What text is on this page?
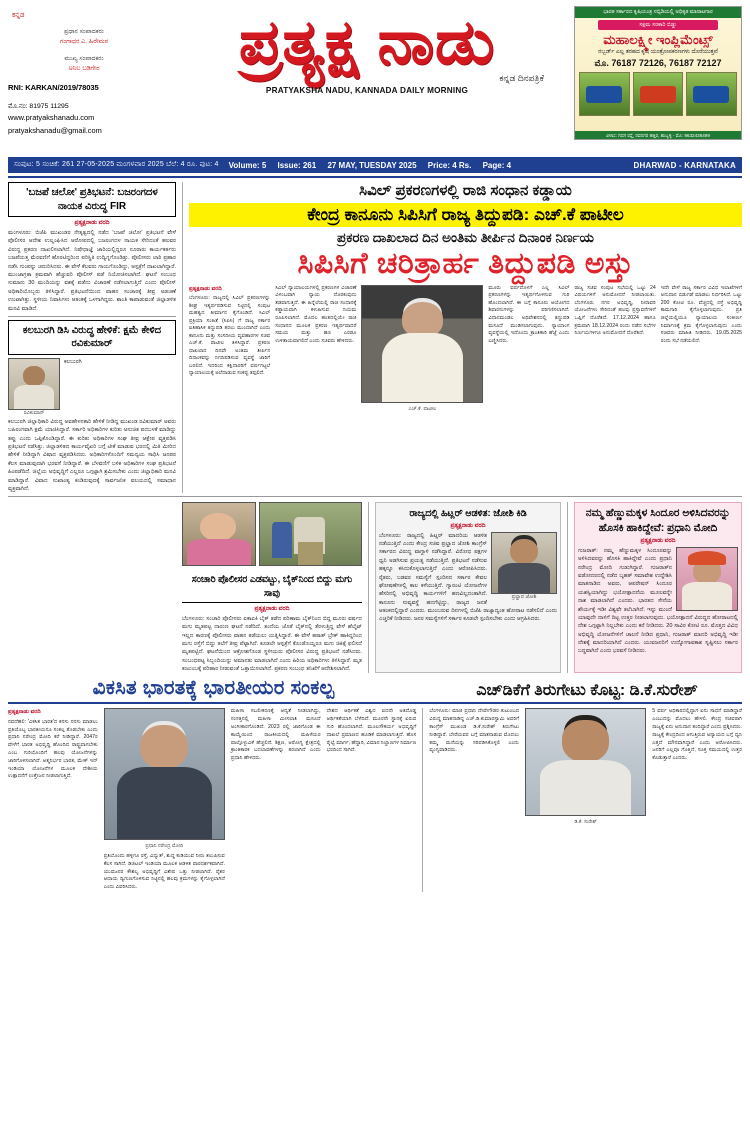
ಕನ್ನಡ
ಪ್ರಧಾನ ಸಂಪಾದಕರು
ಗಂಗಾಧರ ಎ. ಹಿರೇಮಠ
ಮುಖ್ಯ ಸಂಪಾದಕರು
ಅನಿಲ ಬಡಿಗೇರ
RNI: KARKAN/2019/78035
ಮೊ.ನಂ: 81975 11295
www.pratyakshanadu.com
pratyakshanadu@gmail.com
ಪ್ರತ್ಯಕ್ಷ ನಾಡು
ಕನ್ನಡ ದಿನಪತ್ರಿಕೆ
PRATYAKSHA NADU, KANNADA DAILY MORNING
ಭಾರತ ಸರ್ಕಾರದ ಕೃಷಿಯಂತ್ರ ಸಬ್ಸಿಡಿಯಲ್ಲಿ ಅಧಿಕೃತ ಮಾರಾಟಗಾರ
ಸಕ್ಷಮ ಸರಕಾರಿ ಬಿಡ್ಡು
ಮಹಾಲಕ್ಷ್ಮೀ ಇಂಪ್ಲಿಮೆಂಟ್ಸ್
ರಬ್ಬರ್ಡ್ ಎಲ್ಲ ತರಹದ ಕೃಷಿ ಯಂತ್ರೋಪಕರಣಗಳು ದೊರೆಯುತ್ತವೆ
ಮೊ. 76187 72126, 76187 72127
ವಿಳಾಸ: ಗದಗ ರಸ್ತೆ, ನವನಗರ ಹತ್ತಿರ, ಹುಬ್ಬಳ್ಳಿ - ಮೊ: 9632436499
ಸಂಪುಟ: 5 ಸಂಚಿಕೆ: 261 27-05-2025 ಮಂಗಳವಾರ 2025 ಬೆಲೆ: 4 ರೂ. ಪುಟ: 4 Volume: 5 Issue: 261 27 MAY, TUESDAY 2025 Price: 4 Rs. Page: 4	DHARWAD - KARNATAKA
'ಬಜಪೆ ಚಲೋ' ಪ್ರತಿಭಟನೆ: ಬಜರಂಗದಳ ನಾಯಕ ವಿರುದ್ಧ FIR
ಪ್ರತ್ಯಕ್ಷನಾಡು ವರದಿ
ಮಂಗಳೂರು: ಬಿಜೆಪಿ ಮುಖಂಡರ ನೇತೃತ್ವದಲ್ಲಿ ನಡೆದ 'ಬಜಪೆ ಚಲೋ' ಪ್ರತಿಭಟನೆ ವೇಳೆ ಪೊಲೀಸರ ಆದೇಶ ಉಲ್ಲಂಘಿಸಿದ ಆರೋಪದಲ್ಲಿ ಬಜರಂಗದಳ ನಾಯಕ ಸೇರಿದಂತೆ ಹಲವರ ವಿರುದ್ಧ ಪ್ರಕರಣ ದಾಖಲಿಸಲಾಗಿದೆ. ನಿಷೇಧಾಜ್ಞೆ ಜಾರಿಯಲ್ಲಿದ್ದರೂ ನೂರಾರು ಕಾರ್ಯಕರ್ತರು ಬಜಪೆಯತ್ತ ಮೆರವಣಿಗೆ ಹೊರಟಿದ್ದರಿಂದ ಪರಿಸ್ಥಿತಿ ಉದ್ವಿಗ್ನಗೊಂಡಿತ್ತು. ಪೊಲೀಸರು ಲಾಠಿ ಪ್ರಹಾರ ನಡೆಸಿ ಗುಂಪನ್ನು ಚದುರಿಸಿದರು. ಈ ವೇಳೆ ಕೆಲವರು ಗಾಯಗೊಂಡಿದ್ದು, ಆಸ್ಪತ್ರೆಗೆ ದಾಖಲಾಗಿದ್ದಾರೆ. ಮುಂಜಾಗ್ರತಾ ಕ್ರಮವಾಗಿ ಹೆಚ್ಚುವರಿ ಪೊಲೀಸ್ ಪಡೆ ನಿಯೋಜಿಸಲಾಗಿದೆ. ಘಟನೆ ಸಂಬಂಧ ಸುಮಾರು 30 ಮಂದಿಯನ್ನು ವಶಕ್ಕೆ ಪಡೆದು ವಿಚಾರಣೆ ನಡೆಸಲಾಗುತ್ತಿದೆ ಎಂದು ಪೊಲೀಸ್ ಅಧಿಕಾರಿಯೊಬ್ಬರು ತಿಳಿಸಿದ್ದಾರೆ. ಪ್ರತಿಭಟನೆಯಿಂದ ವಾಹನ ಸಂಚಾರಕ್ಕೆ ತೀವ್ರ ಅಡಚಣೆ ಉಂಟಾಗಿತ್ತು. ಸ್ಥಳೀಯ ನಿವಾಸಿಗಳು ಆತಂಕಕ್ಕೆ ಒಳಗಾಗಿದ್ದರು. ಶಾಂತಿ ಕಾಪಾಡುವಂತೆ ಜಿಲ್ಲಾಡಳಿತ ಮನವಿ ಮಾಡಿದೆ.
ಕಲಬುರಗಿ ಡಿಸಿ ವಿರುದ್ಧ ಹೇಳಿಕೆ: ಕ್ಷಮೆ ಕೇಳಿದ ರವಿಕುಮಾರ್
ರವಿಕುಮಾರ್
ಕಲಬುರಗಿ
ಕಲಬುರಗಿ ಜಿಲ್ಲಾಧಿಕಾರಿ ವಿರುದ್ಧ ಅವಹೇಳನಕಾರಿ ಹೇಳಿಕೆ ನೀಡಿದ್ದ ಮುಖಂಡ ರವಿಕುಮಾರ್ ಅವರು ಬಹಿರಂಗವಾಗಿ ಕ್ಷಮೆ ಯಾಚಿಸಿದ್ದಾರೆ. ಸರ್ಕಾರಿ ಅಧಿಕಾರಿಗಳ ಕುರಿತು ಅನುಚಿತ ಪದಬಳಕೆ ಮಾಡಿದ್ದು ತಪ್ಪು ಎಂದು ಒಪ್ಪಿಕೊಂಡಿದ್ದಾರೆ. ಈ ಕುರಿತು ಅಧಿಕಾರಿಗಳ ಸಂಘ ತೀವ್ರ ಆಕ್ಷೇಪ ವ್ಯಕ್ತಪಡಿಸಿ ಪ್ರತಿಭಟನೆ ನಡೆಸಿತ್ತು. ಜಿಲ್ಲಾಡಳಿತದ ಕಾರ್ಯವೈಖರಿ ಬಗ್ಗೆ ಟೀಕೆ ಮಾಡುವ ಭರದಲ್ಲಿ ಮಿತಿ ಮೀರಿದ ಹೇಳಿಕೆ ನೀಡಿದ್ದಾಗಿ ವಿಷಾದ ವ್ಯಕ್ತಪಡಿಸಿದರು. ಅಧಿಕಾರಿಗಳೊಂದಿಗೆ ಸಮನ್ವಯ ಸಾಧಿಸಿ ಜನಪರ ಕೆಲಸ ಮಾಡುವುದಾಗಿ ಭರವಸೆ ನೀಡಿದ್ದಾರೆ. ಈ ಬೆಳವಣಿಗೆ ಬಳಿಕ ಅಧಿಕಾರಿಗಳ ಸಂಘ ಪ್ರತಿಭಟನೆ ಹಿಂಪಡೆದಿದೆ. ಜಿಲ್ಲೆಯ ಅಭಿವೃದ್ಧಿಗೆ ಎಲ್ಲರೂ ಒಗ್ಗಟ್ಟಾಗಿ ಶ್ರಮಿಸಬೇಕು ಎಂದು ಜಿಲ್ಲಾಧಿಕಾರಿ ಮನವಿ ಮಾಡಿದ್ದಾರೆ. ವಿವಾದ ಸುಖಾಂತ್ಯ ಕಂಡಿರುವುದಕ್ಕೆ ಸಾರ್ವಜನಿಕ ವಲಯದಲ್ಲಿ ಸಮಾಧಾನ ವ್ಯಕ್ತವಾಗಿದೆ.
ಸಿವಿಲ್ ಪ್ರಕರಣಗಳಲ್ಲಿ ರಾಜಿ ಸಂಧಾನ ಕಡ್ಡಾಯ
ಕೇಂದ್ರ ಕಾನೂನು ಸಿಪಿಸಿಗೆ ರಾಜ್ಯ ತಿದ್ದುಪಡಿ: ಎಚ್.ಕೆ ಪಾಟೀಲ
ಪ್ರಕರಣ ದಾಖಲಾದ ದಿನ ಅಂತಿಮ ತೀರ್ಪಿನ ದಿನಾಂಕ ನಿರ್ಣಯ
ಸಿಪಿಸಿಗೆ ಚರಿತ್ರಾರ್ಹ ತಿದ್ದುಪಡಿ ಅಸ್ತು
ಪ್ರತ್ಯಕ್ಷನಾಡು ವರದಿ
ಬೆಂಗಳೂರು: ರಾಜ್ಯದಲ್ಲಿ ಸಿವಿಲ್ ಪ್ರಕರಣಗಳನ್ನು ಶೀಘ್ರ ಇತ್ಯರ್ಥಪಡಿಸುವ ನಿಟ್ಟಿನಲ್ಲಿ ಸಂಪುಟ ಮಹತ್ವದ ತೀರ್ಮಾನ ಕೈಗೊಂಡಿದೆ. ಸಿವಿಲ್ ಪ್ರಕ್ರಿಯಾ ಸಂಹಿತೆ (ಸಿಪಿಸಿ) ಗೆ ರಾಜ್ಯ ಸರ್ಕಾರ ಐತಿಹಾಸಿಕ ತಿದ್ದುಪಡಿ ತರಲು ಮುಂದಾಗಿದೆ ಎಂದು ಕಾನೂನು ಮತ್ತು ಸಂಸದೀಯ ವ್ಯವಹಾರಗಳ ಸಚಿವ ಎಚ್.ಕೆ. ಪಾಟೀಲ ತಿಳಿಸಿದ್ದಾರೆ. ಪ್ರಕರಣ ದಾಖಲಾದ ದಿನವೇ ಅಂತಿಮ ತೀರ್ಪಿನ ದಿನಾಂಕವನ್ನು ನಿಗದಿಪಡಿಸುವ ವ್ಯವಸ್ಥೆ ಜಾರಿಗೆ ಬರಲಿದೆ. ಇದರಿಂದ ಕಕ್ಷಿದಾರರಿಗೆ ವರ್ಷಗಟ್ಟಲೆ ನ್ಯಾಯಾಲಯಕ್ಕೆ ಅಲೆದಾಡುವ ಸಂಕಷ್ಟ ತಪ್ಪಲಿದೆ.
ಸಿವಿಲ್ ನ್ಯಾಯಾಲಯಗಳಲ್ಲಿ ಪ್ರಕರಣಗಳ ವಿಚಾರಣೆ ವಿಳಂಬವಾಗಿ ನ್ಯಾಯ ದೊರಕುವುದು ತಡವಾಗುತ್ತಿದೆ. ಈ ಹಿನ್ನೆಲೆಯಲ್ಲಿ ರಾಜಿ ಸಂಧಾನಕ್ಕೆ ಕಡ್ಡಾಯವಾಗಿ ಕಳುಹಿಸುವ ನಿಯಮ ರೂಪಿಸಲಾಗಿದೆ. ಮೊದಲ ಹಂತದಲ್ಲಿಯೇ ರಾಜಿ ಸಂಧಾನದ ಮೂಲಕ ಪ್ರಕರಣ ಇತ್ಯರ್ಥವಾದರೆ ಸಮಯ ಮತ್ತು ಹಣ ಎರಡೂ ಉಳಿತಾಯವಾಗಲಿದೆ ಎಂದು ಸಚಿವರು ಹೇಳಿದರು.
ಎಚ್.ಕೆ. ಪಾಟೀಲ
ಮೂರು ವರ್ಷದೊಳಗೆ ಎಲ್ಲ ಸಿವಿಲ್ ಪ್ರಕರಣಗಳನ್ನು ಇತ್ಯರ್ಥಗೊಳಿಸುವ ಗುರಿ ಹೊಂದಲಾಗಿದೆ. ಈ ಬಗ್ಗೆ ಕಾನೂನು ಆಯೋಗದ ಶಿಫಾರಸುಗಳನ್ನು ಪರಿಗಣಿಸಲಾಗಿದೆ. ವಿಧಾನಮಂಡಲ ಅಧಿವೇಶನದಲ್ಲಿ ತಿದ್ದುಪಡಿ ಮಸೂದೆ ಮಂಡಿಸಲಾಗುವುದು. ನ್ಯಾಯಾಂಗ ವ್ಯವಸ್ಥೆಯಲ್ಲಿ ಇದೊಂದು ಕ್ರಾಂತಿಕಾರಿ ಹೆಜ್ಜೆ ಎಂದು ಬಣ್ಣಿಸಿದರು.
ರಾಜ್ಯ ಸಚಿವ ಸಂಪುಟ ಸಭೆಯಲ್ಲಿ ಒಟ್ಟು 24 ವಿಷಯಗಳಿಗೆ ಅನುಮೋದನೆ ನೀಡಲಾಯಿತು. ಬೆಂಗಳೂರು ನಗರ ಅಭಿವೃದ್ಧಿ, ನೀರಾವರಿ ಯೋಜನೆಗಳು ಸೇರಿದಂತೆ ಹಲವು ಪ್ರಸ್ತಾವನೆಗಳಿಗೆ ಒಪ್ಪಿಗೆ ದೊರೆತಿದೆ. 17.12.2024 ಹಾಗೂ ಕ್ರಮವಾಗಿ 18.12.2024 ರಂದು ನಡೆದ ಸಭೆಗಳ ನಿರ್ಣಯಗಳಿಗೂ ಅನುಮೋದನೆ ದೊರೆತಿದೆ.
ಇದೇ ವೇಳೆ ರಾಜ್ಯ ಸರ್ಕಾರ ವಿವಿಧ ಇಲಾಖೆಗಳಿಗೆ ಅನುದಾನ ಬಿಡುಗಡೆ ಮಾಡಲು ನಿರ್ಧರಿಸಿದೆ. ಒಟ್ಟು 200 ಕೋಟಿ ರೂ. ವೆಚ್ಚದಲ್ಲಿ ರಸ್ತೆ ಅಭಿವೃದ್ಧಿ ಕಾಮಗಾರಿ ಕೈಗೊಳ್ಳಲಾಗುವುದು. ಪ್ರತಿ ಜಿಲ್ಲೆಯಲ್ಲಿಯೂ ನ್ಯಾಯಾಲಯ ಸಂಕೀರ್ಣ ನಿರ್ಮಾಣಕ್ಕೆ ಕ್ರಮ ಕೈಗೊಳ್ಳಲಾಗುವುದು ಎಂದು ಸಚಿವರು ಮಾಹಿತಿ ನೀಡಿದರು. 19.05.2025 ರಂದು ಸಭೆ ನಡೆಯಲಿದೆ.
ಸಂಚಾರಿ ಪೊಲೀಸರ ಎಡವಟ್ಟು, ಬೈಕ್‌ನಿಂದ ಬಿದ್ದು ಮಗು ಸಾವು
ಪ್ರತ್ಯಕ್ಷನಾಡು ವರದಿ
ಬೆಂಗಳೂರು: ಸಂಚಾರಿ ಪೊಲೀಸರು ಏಕಾಏಕಿ ಬೈಕ್ ತಡೆದ ಪರಿಣಾಮ ಬೈಕ್‌ನಿಂದ ಬಿದ್ದ ಮೂರು ವರ್ಷದ ಮಗು ಮೃತಪಟ್ಟ ದಾರುಣ ಘಟನೆ ನಡೆದಿದೆ. ತಂದೆಯ ಜೊತೆ ಬೈಕ್‌ನಲ್ಲಿ ತೆರಳುತ್ತಿದ್ದ ವೇಳೆ ಹೆಲ್ಮೆಟ್ ಇಲ್ಲದ ಕಾರಣಕ್ಕೆ ಪೊಲೀಸರು ವಾಹನ ತಡೆಯಲು ಯತ್ನಿಸಿದ್ದಾರೆ. ಈ ವೇಳೆ ಹಠಾತ್ ಬ್ರೇಕ್ ಹಾಕಿದ್ದರಿಂದ ಮಗು ರಸ್ತೆಗೆ ಬಿದ್ದು ತಲೆಗೆ ತೀವ್ರ ಪೆಟ್ಟಾಗಿದೆ. ಕೂಡಲೇ ಆಸ್ಪತ್ರೆಗೆ ಕೊಂಡೊಯ್ದರೂ ಮಗು ಚಿಕಿತ್ಸೆ ಫಲಿಸದೆ ಮೃತಪಟ್ಟಿದೆ. ಘಟನೆಯಿಂದ ಆಕ್ರೋಶಗೊಂಡ ಸ್ಥಳೀಯರು ಪೊಲೀಸರ ವಿರುದ್ಧ ಪ್ರತಿಭಟನೆ ನಡೆಸಿದರು. ಸಂಬಂಧಪಟ್ಟ ಸಿಬ್ಬಂದಿಯನ್ನು ಅಮಾನತು ಮಾಡಲಾಗಿದೆ ಎಂದು ಹಿರಿಯ ಅಧಿಕಾರಿಗಳು ತಿಳಿಸಿದ್ದಾರೆ. ಮೃತ ಕುಟುಂಬಕ್ಕೆ ಪರಿಹಾರ ನೀಡುವಂತೆ ಒತ್ತಾಯಿಸಲಾಗಿದೆ. ಪ್ರಕರಣ ಸಂಬಂಧ ತನಿಖೆಗೆ ಆದೇಶಿಸಲಾಗಿದೆ.
ರಾಜ್ಯದಲ್ಲಿ ಹಿಟ್ಲರ್ ಆಡಳಿತ: ಜೋಶಿ ಕಿಡಿ
ಪ್ರತ್ಯಕ್ಷನಾಡು ವರದಿ
ಪ್ರಲ್ಹಾದ ಜೋಶಿ
ಬೆಂಗಳೂರು: ರಾಜ್ಯದಲ್ಲಿ ಹಿಟ್ಲರ್ ಮಾದರಿಯ ಆಡಳಿತ ನಡೆಯುತ್ತಿದೆ ಎಂದು ಕೇಂದ್ರ ಸಚಿವ ಪ್ರಲ್ಹಾದ ಜೋಶಿ ಕಾಂಗ್ರೆಸ್ ಸರ್ಕಾರದ ವಿರುದ್ಧ ವಾಗ್ದಾಳಿ ನಡೆಸಿದ್ದಾರೆ. ವಿರೋಧ ಪಕ್ಷಗಳ ಧ್ವನಿ ಅಡಗಿಸುವ ಪ್ರಯತ್ನ ನಡೆಯುತ್ತಿದೆ. ಪ್ರತಿಭಟನೆ ನಡೆಸುವ ಹಕ್ಕನ್ನೂ ಕಸಿದುಕೊಳ್ಳಲಾಗುತ್ತಿದೆ ಎಂದು ಆರೋಪಿಸಿದರು. ರೈತರು, ಬಡವರ ಸಮಸ್ಯೆಗೆ ಸ್ಪಂದಿಸದ ಸರ್ಕಾರ ಕೇವಲ ಘೋಷಣೆಗಳಲ್ಲಿ ಕಾಲ ಕಳೆಯುತ್ತಿದೆ. ಗ್ಯಾರಂಟಿ ಯೋಜನೆಗಳ ಹೆಸರಿನಲ್ಲಿ ಅಭಿವೃದ್ಧಿ ಕಾರ್ಯಗಳಿಗೆ ಹಣವಿಲ್ಲದಂತಾಗಿದೆ. ಕಾನೂನು ಸುವ್ಯವಸ್ಥೆ ಹದಗೆಟ್ಟಿದ್ದು, ರಾಜ್ಯದ ಜನತೆ ಆತಂಕದಲ್ಲಿದ್ದಾರೆ ಎಂದರು. ಮುಂಬರುವ ದಿನಗಳಲ್ಲಿ ಬಿಜೆಪಿ ರಾಜ್ಯಾದ್ಯಂತ ಹೋರಾಟ ನಡೆಸಲಿದೆ ಎಂದು ಎಚ್ಚರಿಕೆ ನೀಡಿದರು. ಜನರ ಸಮಸ್ಯೆಗಳಿಗೆ ಸರ್ಕಾರ ಕೂಡಲೇ ಸ್ಪಂದಿಸಬೇಕು ಎಂದು ಆಗ್ರಹಿಸಿದರು.
ನಮ್ಮ ಹೆಣ್ಣುಮಕ್ಕಳ ಸಿಂದೂರ ಅಳಿಸಿದವರನ್ನು ಹೊಸಕಿ ಹಾಕಿದ್ದೇವೆ: ಪ್ರಧಾನಿ ಮೋದಿ
ಪ್ರತ್ಯಕ್ಷನಾಡು ವರದಿ
ಗುಜರಾತ್: ನಮ್ಮ ಹೆಣ್ಣುಮಕ್ಕಳ ಸಿಂದೂರವನ್ನು ಅಳಿಸಿದವರನ್ನು ಹೊಸಕಿ ಹಾಕಿದ್ದೇವೆ ಎಂದು ಪ್ರಧಾನಿ ನರೇಂದ್ರ ಮೋದಿ ಗುಡುಗಿದ್ದಾರೆ. ಗುಜರಾತ್‌ನ ವಡೋದರದಲ್ಲಿ ನಡೆದ ಬೃಹತ್ ಸಮಾವೇಶ ಉದ್ದೇಶಿಸಿ ಮಾತನಾಡಿದ ಅವರು, ಆಪರೇಷನ್ ಸಿಂದೂರ ಯಶಸ್ವಿಯಾಗಿದ್ದು ಭಯೋತ್ಪಾದನೆಯ ಮೂಲವನ್ನೇ ನಾಶ ಮಾಡಲಾಗಿದೆ ಎಂದರು. ಭಾರತದ ಸೇನೆಯ ಶೌರ್ಯಕ್ಕೆ ಇಡೀ ವಿಶ್ವವೇ ತಲೆಬಾಗಿದೆ. ಇನ್ನು ಮುಂದೆ ಯಾವುದೇ ದಾಳಿಗೆ ದಿಟ್ಟ ಉತ್ತರ ನೀಡಲಾಗುವುದು. ಭಯೋತ್ಪಾದನೆ ವಿರುದ್ಧದ ಹೋರಾಟದಲ್ಲಿ ದೇಶ ಒಗ್ಗಟ್ಟಾಗಿ ನಿಲ್ಲಬೇಕು ಎಂದು ಕರೆ ನೀಡಿದರು. 20 ಸಾವಿರ ಕೋಟಿ ರೂ. ಮೊತ್ತದ ವಿವಿಧ ಅಭಿವೃದ್ಧಿ ಯೋಜನೆಗಳಿಗೆ ಚಾಲನೆ ನೀಡಿದ ಪ್ರಧಾನಿ, ಗುಜರಾತ್ ಮಾದರಿ ಅಭಿವೃದ್ಧಿ ಇಡೀ ದೇಶಕ್ಕೆ ಮಾದರಿಯಾಗಿದೆ ಎಂದರು. ಯುವಜನರಿಗೆ ಉದ್ಯೋಗಾವಕಾಶ ಸೃಷ್ಟಿಸಲು ಸರ್ಕಾರ ಬದ್ಧವಾಗಿದೆ ಎಂದು ಭರವಸೆ ನೀಡಿದರು.
ವಿಕಸಿತ ಭಾರತಕ್ಕೆ ಭಾರತೀಯರ ಸಂಕಲ್ಪ	ಎಚ್‌ಡಿಕೆಗೆ ತಿರುಗೇಟು ಕೊಟ್ಟ: ಡಿ.ಕೆ.ಸುರೇಶ್
ಪ್ರತ್ಯಕ್ಷನಾಡು ವರದಿ
ನವದೆಹಲಿ: 'ವಿಕಸಿತ ಭಾರತ'ದ ಕನಸು ನನಸು ಮಾಡಲು ಪ್ರತಿಯೊಬ್ಬ ಭಾರತೀಯನೂ ಸಂಕಲ್ಪ ತೊಡಬೇಕು ಎಂದು ಪ್ರಧಾನಿ ನರೇಂದ್ರ ಮೋದಿ ಕರೆ ನೀಡಿದ್ದಾರೆ. 2047ರ ವೇಳೆಗೆ ಭಾರತ ಅಭಿವೃದ್ಧಿ ಹೊಂದಿದ ರಾಷ್ಟ್ರವಾಗಬೇಕು ಎಂಬ ಗುರಿಯೊಂದಿಗೆ ಹಲವು ಯೋಜನೆಗಳನ್ನು ಜಾರಿಗೊಳಿಸಲಾಗಿದೆ. ಆತ್ಮನಿರ್ಭರ ಭಾರತ, ಮೇಕ್ ಇನ್ ಇಂಡಿಯಾ ಯೋಜನೆಗಳ ಮೂಲಕ ದೇಶೀಯ ಉತ್ಪಾದನೆಗೆ ಉತ್ತೇಜನ ನೀಡಲಾಗುತ್ತಿದೆ.
ಪ್ರಧಾನಿ ನರೇಂದ್ರ ಮೋದಿ
ಪ್ರತಿಯೊಂದು ಹಳ್ಳಿಗೂ ರಸ್ತೆ, ವಿದ್ಯುತ್, ಶುದ್ಧ ಕುಡಿಯುವ ನೀರು ತಲುಪಿಸುವ ಕೆಲಸ ಸಾಗಿದೆ. ಡಿಜಿಟಲ್ ಇಂಡಿಯಾ ಮೂಲಕ ಆಡಳಿತ ಪಾರದರ್ಶಕವಾಗಿದೆ. ಯುವಜನರ ಕೌಶಲ್ಯ ಅಭಿವೃದ್ಧಿಗೆ ವಿಶೇಷ ಒತ್ತು ನೀಡಲಾಗಿದೆ. ರೈತರ ಆದಾಯ ದ್ವಿಗುಣಗೊಳಿಸುವ ನಿಟ್ಟಿನಲ್ಲಿ ಹಲವು ಕ್ರಮಗಳನ್ನು ಕೈಗೊಳ್ಳಲಾಗಿದೆ ಎಂದು ವಿವರಿಸಿದರು.
ಮಹಿಳಾ ಸಬಲೀಕರಣಕ್ಕೆ ಆದ್ಯತೆ ನೀಡಲಾಗಿದ್ದು, ಸಂಸತ್ತಿನಲ್ಲಿ ಮಹಿಳಾ ಮೀಸಲಾತಿ ಮಸೂದೆ ಅಂಗೀಕಾರಗೊಂಡಿದೆ. 2023 ರಲ್ಲಿ ಜಾರಿಗೊಂಡ ಈ ಕಾಯ್ದೆಯಿಂದ ರಾಜಕೀಯದಲ್ಲಿ ಮಹಿಳೆಯರ ಪಾಲ್ಗೊಳ್ಳುವಿಕೆ ಹೆಚ್ಚಲಿದೆ. ಶಿಕ್ಷಣ, ಆರೋಗ್ಯ ಕ್ಷೇತ್ರದಲ್ಲಿ ಕ್ರಾಂತಿಕಾರಕ ಬದಲಾವಣೆಗಳನ್ನು ತರಲಾಗಿದೆ ಎಂದು ಪ್ರಧಾನಿ ಹೇಳಿದರು.
ದೇಶದ ಆರ್ಥಿಕತೆ ವಿಶ್ವದ ಐದನೇ ಅತಿದೊಡ್ಡ ಆರ್ಥಿಕತೆಯಾಗಿ ಬೆಳೆದಿದೆ. ಮೂರನೇ ಸ್ಥಾನಕ್ಕೆ ಏರುವ ಗುರಿ ಹೊಂದಲಾಗಿದೆ. ಮೂಲಸೌಕರ್ಯ ಅಭಿವೃದ್ಧಿಗೆ ದಾಖಲೆ ಪ್ರಮಾಣದ ಹೂಡಿಕೆ ಮಾಡಲಾಗುತ್ತಿದೆ. ಹೊಸ ರೈಲ್ವೆ ಮಾರ್ಗ, ಹೆದ್ದಾರಿ, ವಿಮಾನ ನಿಲ್ದಾಣಗಳ ನಿರ್ಮಾಣ ಭರದಿಂದ ಸಾಗಿದೆ.
ಬೆಂಗಳೂರು: ಮಾಜಿ ಪ್ರಧಾನಿ ದೇವೇಗೌಡರ ಕುಟುಂಬದ ವಿರುದ್ಧ ಮಾತನಾಡಿದ್ದ ಎಚ್.ಡಿ.ಕುಮಾರಸ್ವಾಮಿ ಅವರಿಗೆ ಕಾಂಗ್ರೆಸ್ ಮುಖಂಡ ಡಿ.ಕೆ.ಸುರೇಶ್ ತಿರುಗೇಟು ನೀಡಿದ್ದಾರೆ. ಬೇರೆಯವರ ಬಗ್ಗೆ ಮಾತನಾಡುವ ಮೊದಲು ತಮ್ಮ ಮನೆಯನ್ನು ಸರಿಪಡಿಸಿಕೊಳ್ಳಲಿ ಎಂದು ವ್ಯಂಗ್ಯವಾಡಿದರು.
ಡಿ.ಕೆ. ಸುರೇಶ್
5 ವರ್ಷ ಅಧಿಕಾರದಲ್ಲಿದ್ದಾಗ ಏನು ಸಾಧನೆ ಮಾಡಿದ್ದಾರೆ ಎಂಬುದನ್ನು ಮೊದಲು ಹೇಳಲಿ. ಕೇಂದ್ರ ಸಚಿವರಾಗಿ ರಾಜ್ಯಕ್ಕೆ ಏನು ಅನುದಾನ ತಂದಿದ್ದಾರೆ ಎಂದು ಪ್ರಶ್ನಿಸಿದರು. ರಾಜ್ಯಕ್ಕೆ ಕೇಂದ್ರದಿಂದ ಆಗುತ್ತಿರುವ ಅನ್ಯಾಯದ ಬಗ್ಗೆ ಧ್ವನಿ ಎತ್ತದೆ ಮೌನವಾಗಿದ್ದಾರೆ ಎಂದು ಆರೋಪಿಸಿದರು. ಜನರಿಗೆ ಎಲ್ಲವೂ ಗೊತ್ತಿದೆ, ಸೂಕ್ತ ಸಮಯದಲ್ಲಿ ಉತ್ತರ ಕೊಡುತ್ತಾರೆ ಎಂದರು.
